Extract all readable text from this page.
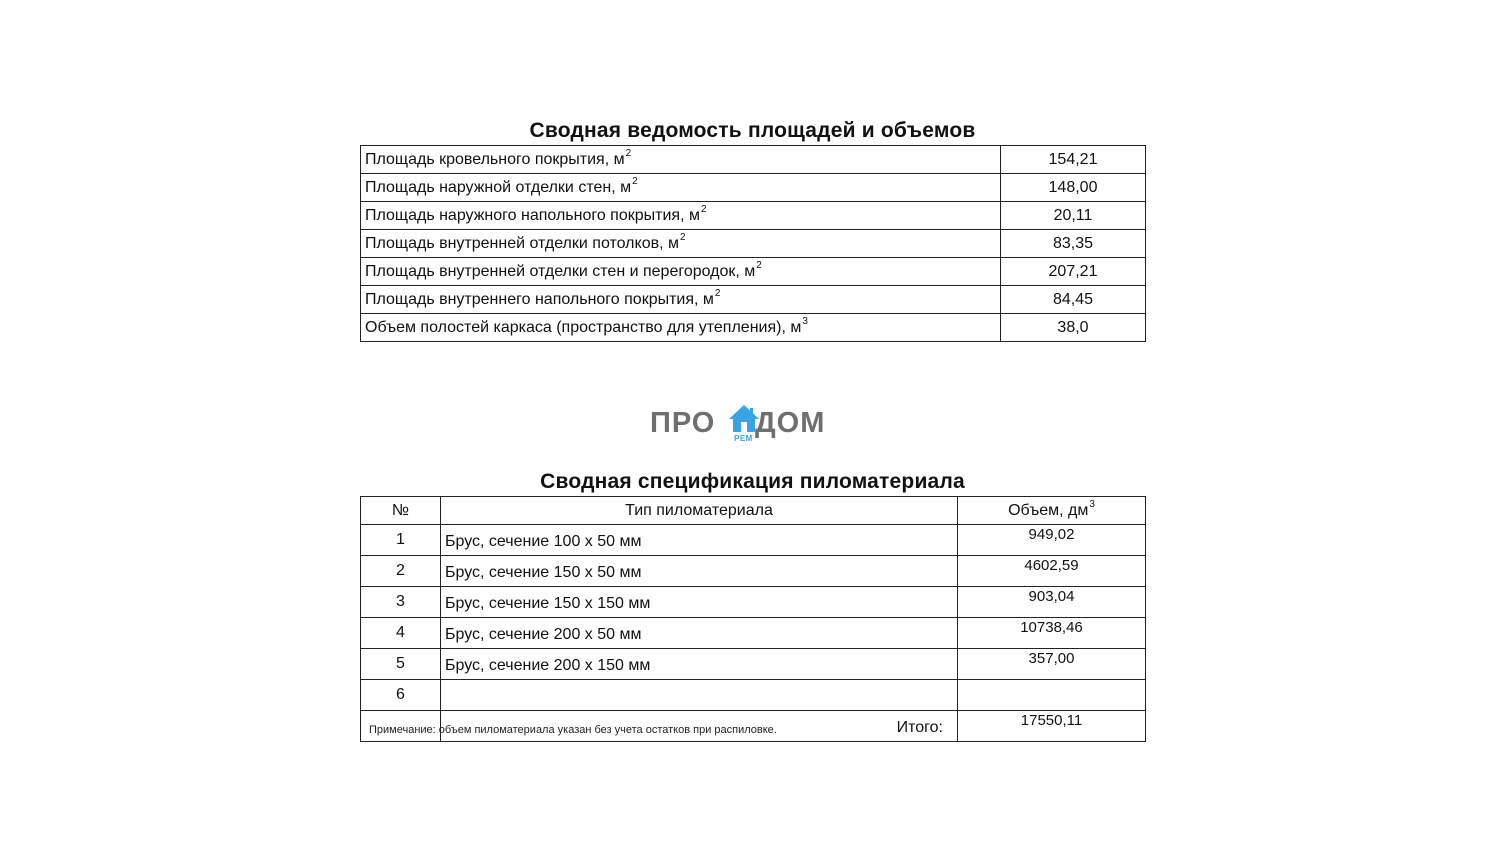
Сводная ведомость площадей и объемов
Площадь кровельного покрытия, $м^2$	154,21
Площадь наружной отделки стен, $м^2$	148,00
Площадь наружного напольного покрытия, $м^2$	20,11
Площадь внутренней отделки потолков, $м^2$	83,35
Площадь внутренней отделки стен и перегородок, $м^2$	207,21
Площадь внутреннего напольного покрытия, $м^2$	84,45
Объем полостей каркаса (пространство для утепления), $м^3$	38,0
ПРО РЕМ ДОМ
Сводная спецификация пиломатериала
№	Тип пиломатериала	Объем, $дм^3$
1	Брус, сечение 100 х 50 мм	949,02
2	Брус, сечение 150 х 50 мм	4602,59
3	Брус, сечение 150 х 150 мм	903,04
4	Брус, сечение 200 х 50 мм	10738,46
5	Брус, сечение 200 х 150 мм	357,00
6		
	Итого:	17550,11
Примечание: объем пиломатериала указан без учета остатков при распиловке.
